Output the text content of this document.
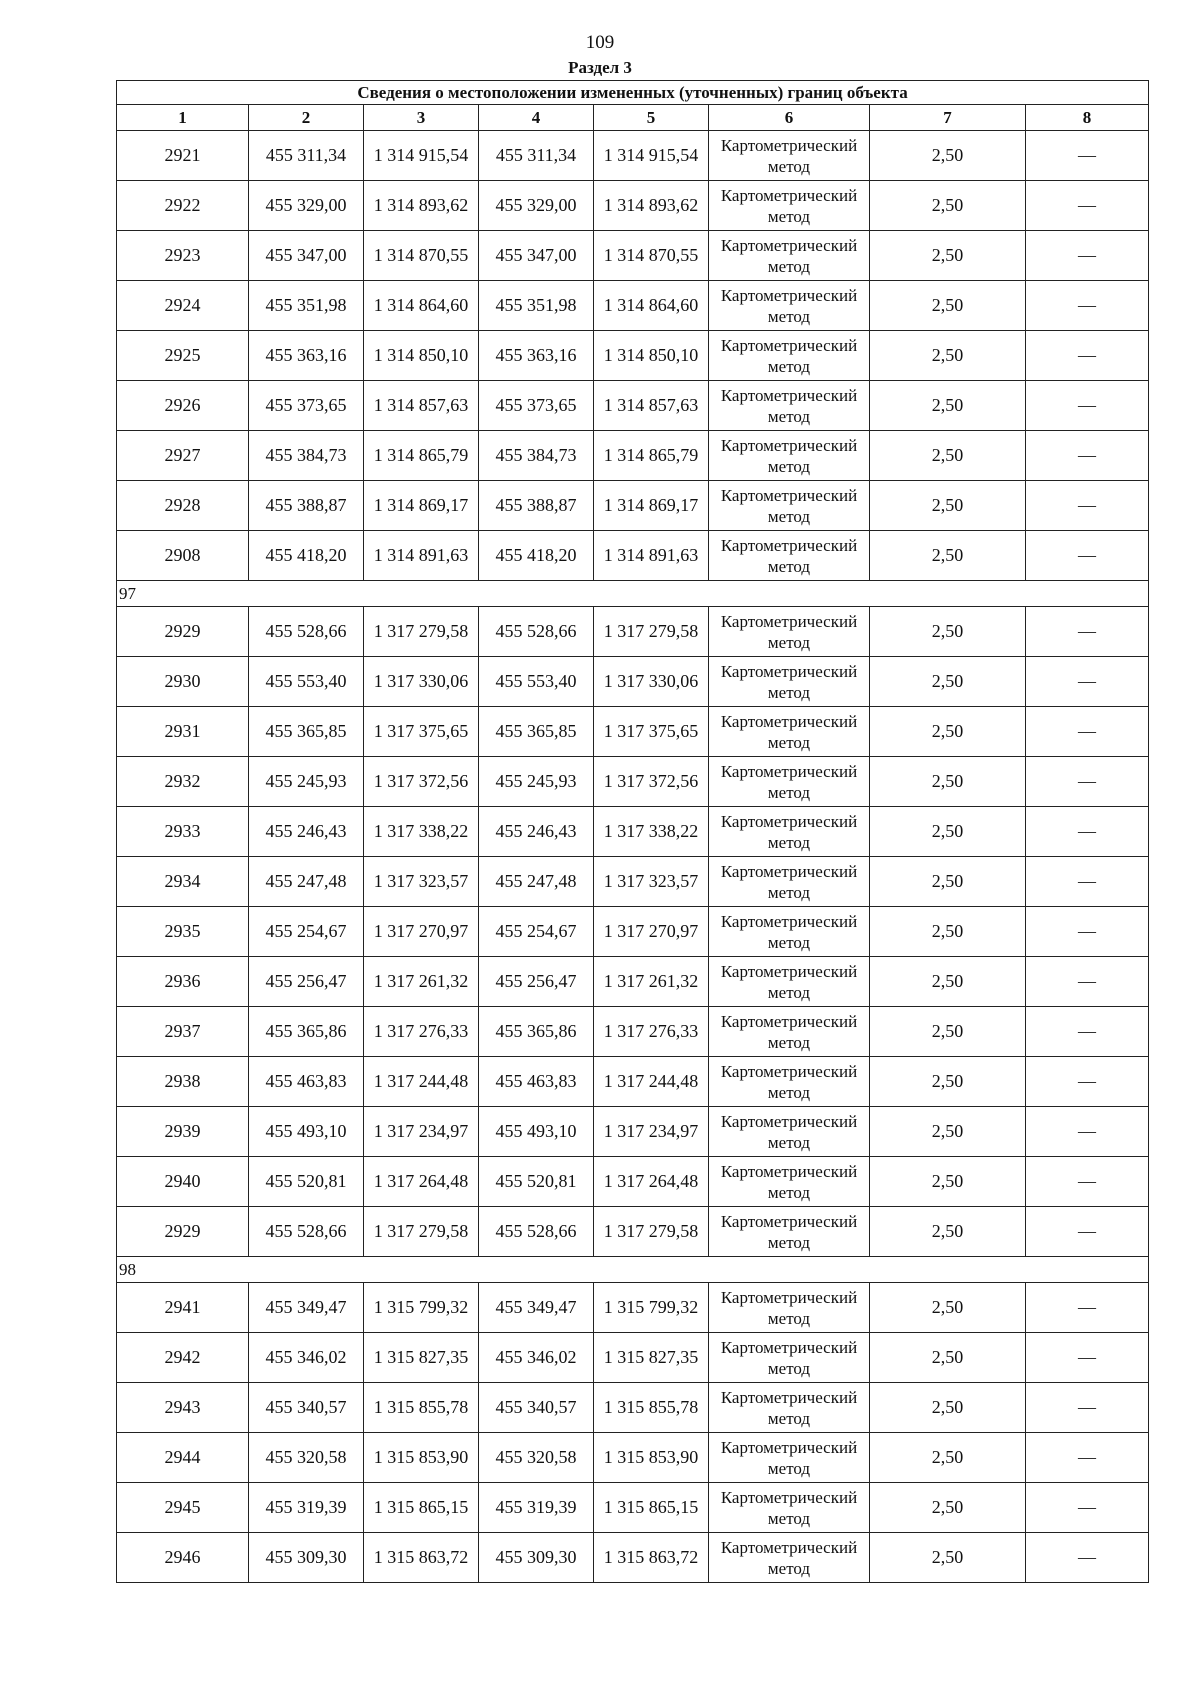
109
Раздел 3
Сведения о местоположении измененных (уточненных) границ объекта							
1	2	3	4	5	6	7	8
2921	455 311,34	1 314 915,54	455 311,34	1 314 915,54	Картометрический метод	2,50	—
2922	455 329,00	1 314 893,62	455 329,00	1 314 893,62	Картометрический метод	2,50	—
2923	455 347,00	1 314 870,55	455 347,00	1 314 870,55	Картометрический метод	2,50	—
2924	455 351,98	1 314 864,60	455 351,98	1 314 864,60	Картометрический метод	2,50	—
2925	455 363,16	1 314 850,10	455 363,16	1 314 850,10	Картометрический метод	2,50	—
2926	455 373,65	1 314 857,63	455 373,65	1 314 857,63	Картометрический метод	2,50	—
2927	455 384,73	1 314 865,79	455 384,73	1 314 865,79	Картометрический метод	2,50	—
2928	455 388,87	1 314 869,17	455 388,87	1 314 869,17	Картометрический метод	2,50	—
2908	455 418,20	1 314 891,63	455 418,20	1 314 891,63	Картометрический метод	2,50	—
97							
2929	455 528,66	1 317 279,58	455 528,66	1 317 279,58	Картометрический метод	2,50	—
2930	455 553,40	1 317 330,06	455 553,40	1 317 330,06	Картометрический метод	2,50	—
2931	455 365,85	1 317 375,65	455 365,85	1 317 375,65	Картометрический метод	2,50	—
2932	455 245,93	1 317 372,56	455 245,93	1 317 372,56	Картометрический метод	2,50	—
2933	455 246,43	1 317 338,22	455 246,43	1 317 338,22	Картометрический метод	2,50	—
2934	455 247,48	1 317 323,57	455 247,48	1 317 323,57	Картометрический метод	2,50	—
2935	455 254,67	1 317 270,97	455 254,67	1 317 270,97	Картометрический метод	2,50	—
2936	455 256,47	1 317 261,32	455 256,47	1 317 261,32	Картометрический метод	2,50	—
2937	455 365,86	1 317 276,33	455 365,86	1 317 276,33	Картометрический метод	2,50	—
2938	455 463,83	1 317 244,48	455 463,83	1 317 244,48	Картометрический метод	2,50	—
2939	455 493,10	1 317 234,97	455 493,10	1 317 234,97	Картометрический метод	2,50	—
2940	455 520,81	1 317 264,48	455 520,81	1 317 264,48	Картометрический метод	2,50	—
2929	455 528,66	1 317 279,58	455 528,66	1 317 279,58	Картометрический метод	2,50	—
98							
2941	455 349,47	1 315 799,32	455 349,47	1 315 799,32	Картометрический метод	2,50	—
2942	455 346,02	1 315 827,35	455 346,02	1 315 827,35	Картометрический метод	2,50	—
2943	455 340,57	1 315 855,78	455 340,57	1 315 855,78	Картометрический метод	2,50	—
2944	455 320,58	1 315 853,90	455 320,58	1 315 853,90	Картометрический метод	2,50	—
2945	455 319,39	1 315 865,15	455 319,39	1 315 865,15	Картометрический метод	2,50	—
2946	455 309,30	1 315 863,72	455 309,30	1 315 863,72	Картометрический метод	2,50	—
